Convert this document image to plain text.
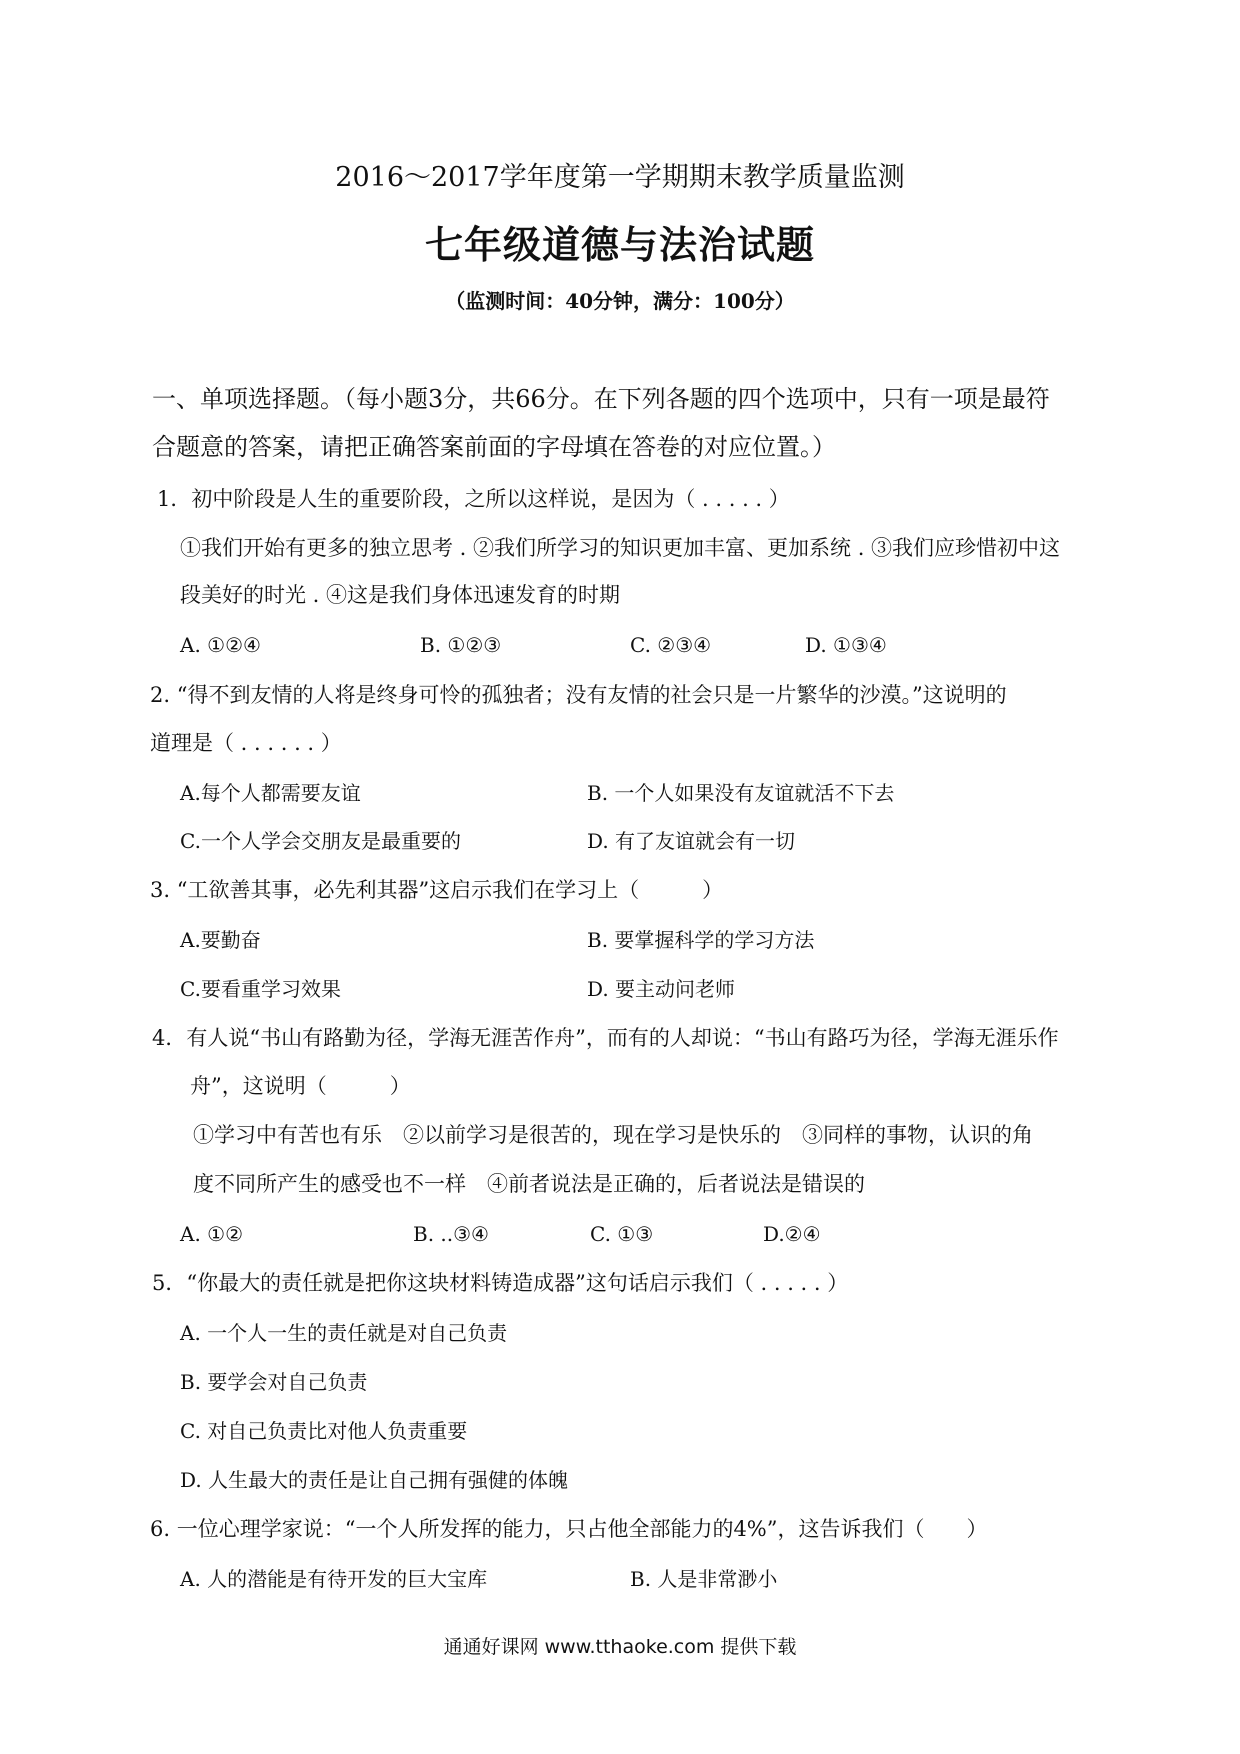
2016～2017学年度第一学期期末教学质量监测
七年级道德与法治试题
（监测时间：40分钟，满分：100分）
一、单项选择题。（每小题3分，共66分。在下列各题的四个选项中，只有一项是最符
合题意的答案，请把正确答案前面的字母填在答卷的对应位置。）
1．初中阶段是人生的重要阶段，之所以这样说，是因为（ . . . . . ）
①我们开始有更多的独立思考 . ②我们所学习的知识更加丰富、更加系统 . ③我们应珍惜初中这
段美好的时光 . ④这是我们身体迅速发育的时期
A. ①②④	B. ①②③	C. ②③④	D. ①③④
2. “得不到友情的人将是终身可怜的孤独者；没有友情的社会只是一片繁华的沙漠。”这说明的
道理是（ . . . . . . ）
A.每个人都需要友谊	B. 一个人如果没有友谊就活不下去
C.一个人学会交朋友是最重要的	D. 有了友谊就会有一切
3. “工欲善其事，必先利其器”这启示我们在学习上（　　　）
A.要勤奋	B. 要掌握科学的学习方法
C.要看重学习效果	D. 要主动问老师
4．有人说“书山有路勤为径，学海无涯苦作舟”，而有的人却说：“书山有路巧为径，学海无涯乐作
舟”，这说明（　　　）
①学习中有苦也有乐　②以前学习是很苦的，现在学习是快乐的　③同样的事物，认识的角
度不同所产生的感受也不一样　④前者说法是正确的，后者说法是错误的
A. ①②	B. ..③④	C. ①③	D.②④
5．“你最大的责任就是把你这块材料铸造成器”这句话启示我们（ . . . . . ）
A. 一个人一生的责任就是对自己负责
B. 要学会对自己负责
C. 对自己负责比对他人负责重要
D. 人生最大的责任是让自己拥有强健的体魄
6. 一位心理学家说：“一个人所发挥的能力，只占他全部能力的4%”，这告诉我们（　　）
A. 人的潜能是有待开发的巨大宝库	B. 人是非常渺小
通通好课网 www.tthaoke.com 提供下载
